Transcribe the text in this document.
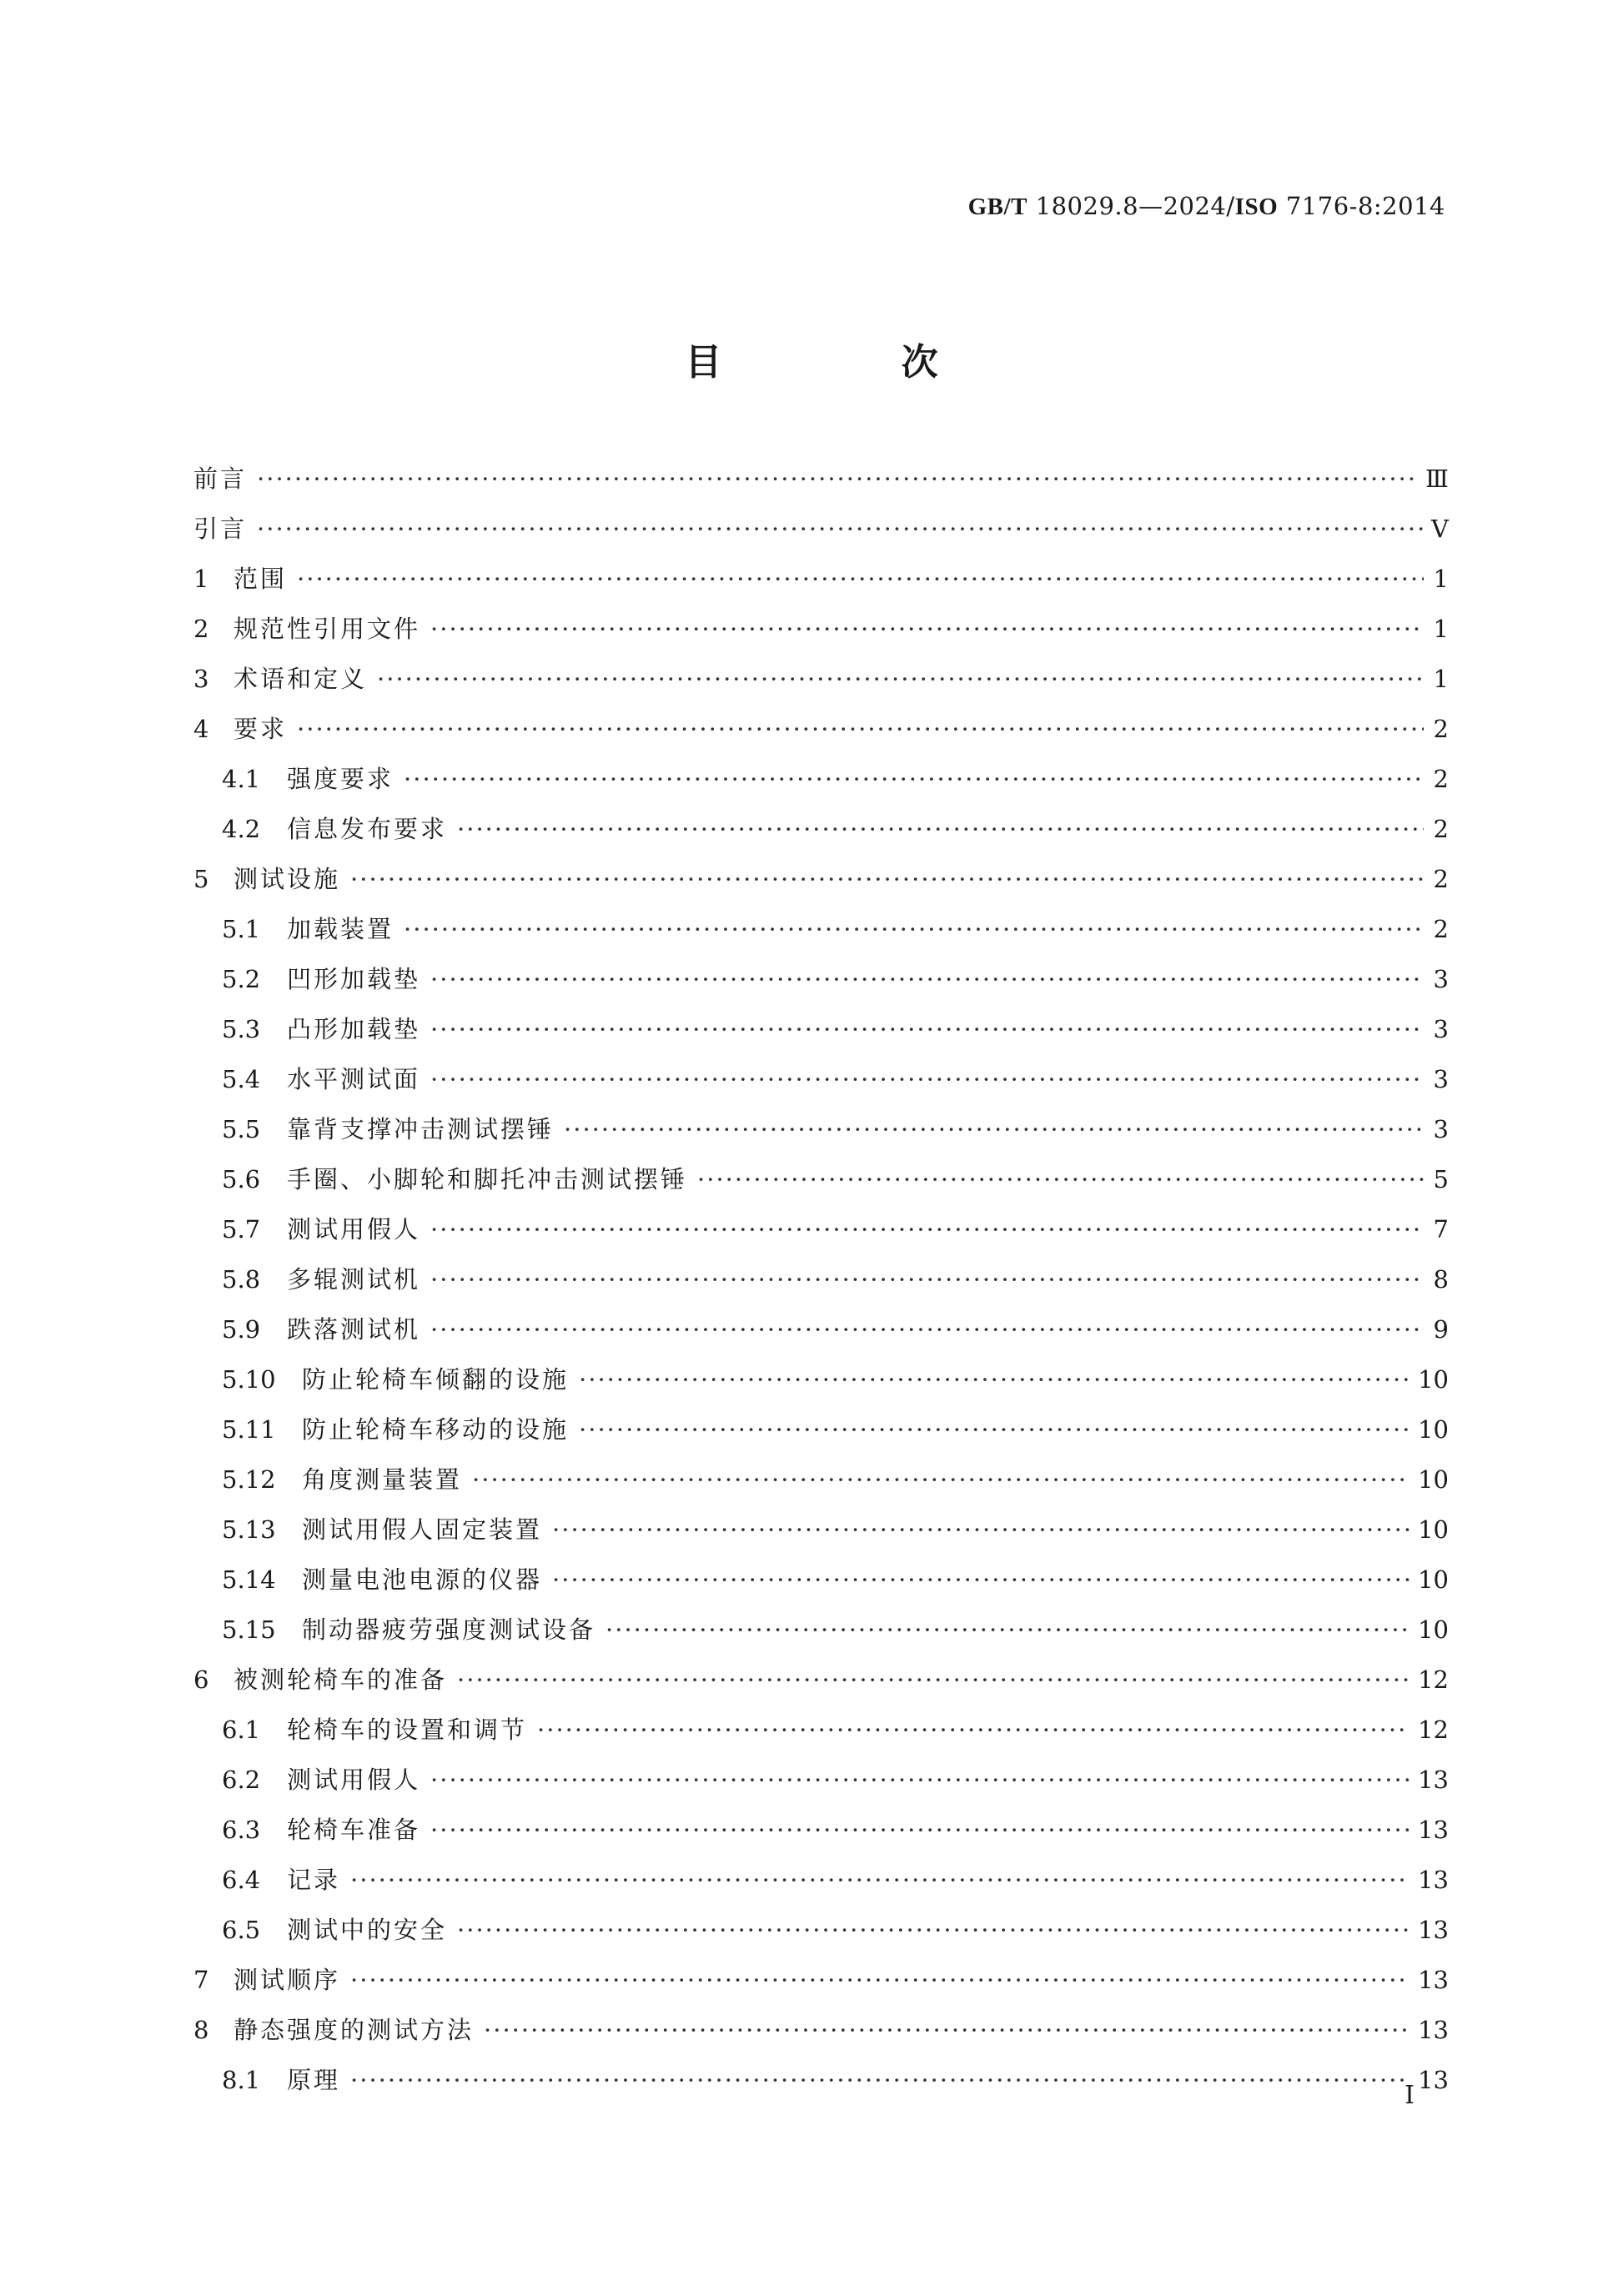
GB/T 18029.8—2024/ISO 7176-8:2014
目 次
前言 ·····	Ⅲ
引言 ·····	Ⅴ
1	范围 ·····	1
2	规范性引用文件 ·····	1
3	术语和定义 ·····	1
4	要求 ·····	2
4.1	强度要求 ·····	2
4.2	信息发布要求 ·····	2
5	测试设施 ·····	2
5.1	加载装置 ·····	2
5.2	凹形加载垫 ·····	3
5.3	凸形加载垫 ·····	3
5.4	水平测试面 ·····	3
5.5	靠背支撑冲击测试摆锤 ·····	3
5.6	手圈、小脚轮和脚托冲击测试摆锤 ·····	5
5.7	测试用假人 ·····	7
5.8	多辊测试机 ·····	8
5.9	跌落测试机 ·····	9
5.10	防止轮椅车倾翻的设施 ·····	10
5.11	防止轮椅车移动的设施 ·····	10
5.12	角度测量装置 ·····	10
5.13	测试用假人固定装置 ·····	10
5.14	测量电池电源的仪器 ·····	10
5.15	制动器疲劳强度测试设备 ·····	10
6	被测轮椅车的准备 ·····	12
6.1	轮椅车的设置和调节 ·····	12
6.2	测试用假人 ·····	13
6.3	轮椅车准备 ·····	13
6.4	记录 ·····	13
6.5	测试中的安全 ·····	13
7	测试顺序 ·····	13
8	静态强度的测试方法 ·····	13
8.1	原理 ·····	13
I
